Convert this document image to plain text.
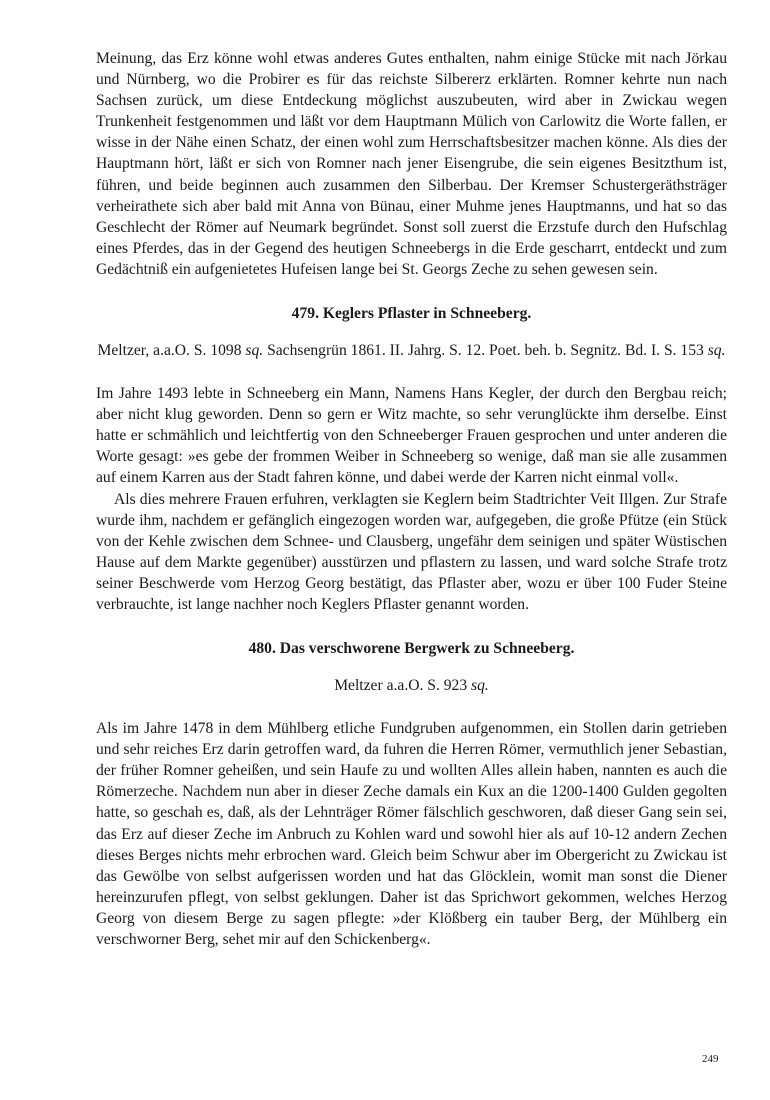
Meinung, das Erz könne wohl etwas anderes Gutes enthalten, nahm einige Stücke mit nach Jörkau und Nürnberg, wo die Probirer es für das reichste Silbererz erklärten. Romner kehrte nun nach Sachsen zurück, um diese Entdeckung möglichst auszubeuten, wird aber in Zwickau wegen Trunkenheit festgenommen und läßt vor dem Hauptmann Mülich von Carlowitz die Worte fallen, er wisse in der Nähe einen Schatz, der einen wohl zum Herrschaftsbesitzer machen könne. Als dies der Hauptmann hört, läßt er sich von Romner nach jener Eisengrube, die sein eigenes Besitzthum ist, führen, und beide beginnen auch zusammen den Silberbau. Der Kremser Schustergeräthsträger verheirathete sich aber bald mit Anna von Bünau, einer Muhme jenes Hauptmanns, und hat so das Geschlecht der Römer auf Neumark begründet. Sonst soll zuerst die Erzstufe durch den Hufschlag eines Pferdes, das in der Gegend des heutigen Schneebergs in die Erde gescharrt, entdeckt und zum Gedächtniß ein aufgenietetes Hufeisen lange bei St. Georgs Zeche zu sehen gewesen sein.

479. Keglers Pflaster in Schneeberg.
Meltzer, a.a.O. S. 1098 sq. Sachsengrün 1861. II. Jahrg. S. 12. Poet. beh. b. Segnitz. Bd. I. S. 153 sq.

Im Jahre 1493 lebte in Schneeberg ein Mann, Namens Hans Kegler, der durch den Bergbau reich; aber nicht klug geworden. Denn so gern er Witz machte, so sehr verunglückte ihm derselbe. Einst hatte er schmählich und leichtfertig von den Schneeberger Frauen gesprochen und unter anderen die Worte gesagt: »es gebe der frommen Weiber in Schneeberg so wenige, daß man sie alle zusammen auf einem Karren aus der Stadt fahren könne, und dabei werde der Karren nicht einmal voll«.

Als dies mehrere Frauen erfuhren, verklagten sie Keglern beim Stadtrichter Veit Illgen. Zur Strafe wurde ihm, nachdem er gefänglich eingezogen worden war, aufgegeben, die große Pfütze (ein Stück von der Kehle zwischen dem Schnee- und Clausberg, ungefähr dem seinigen und später Wüstischen Hause auf dem Markte gegenüber) ausstürzen und pflastern zu lassen, und ward solche Strafe trotz seiner Beschwerde vom Herzog Georg bestätigt, das Pflaster aber, wozu er über 100 Fuder Steine verbrauchte, ist lange nachher noch Keglers Pflaster genannt worden.

480. Das verschworene Bergwerk zu Schneeberg.
Meltzer a.a.O. S. 923 sq.

Als im Jahre 1478 in dem Mühlberg etliche Fundgruben aufgenommen, ein Stollen darin getrieben und sehr reiches Erz darin getroffen ward, da fuhren die Herren Römer, vermuthlich jener Sebastian, der früher Romner geheißen, und sein Haufe zu und wollten Alles allein haben, nannten es auch die Römerzeche. Nachdem nun aber in dieser Zeche damals ein Kux an die 1200-1400 Gulden gegolten hatte, so geschah es, daß, als der Lehnträger Römer fälschlich geschworen, daß dieser Gang sein sei, das Erz auf dieser Zeche im Anbruch zu Kohlen ward und sowohl hier als auf 10-12 andern Zechen dieses Berges nichts mehr erbrochen ward. Gleich beim Schwur aber im Obergericht zu Zwickau ist das Gewölbe von selbst aufgerissen worden und hat das Glöcklein, womit man sonst die Diener hereinzurufen pflegt, von selbst geklungen. Daher ist das Sprichwort gekommen, welches Herzog Georg von diesem Berge zu sagen pflegte: »der Klößberg ein tauber Berg, der Mühlberg ein verschworner Berg, sehet mir auf den Schickenberg«.

249
